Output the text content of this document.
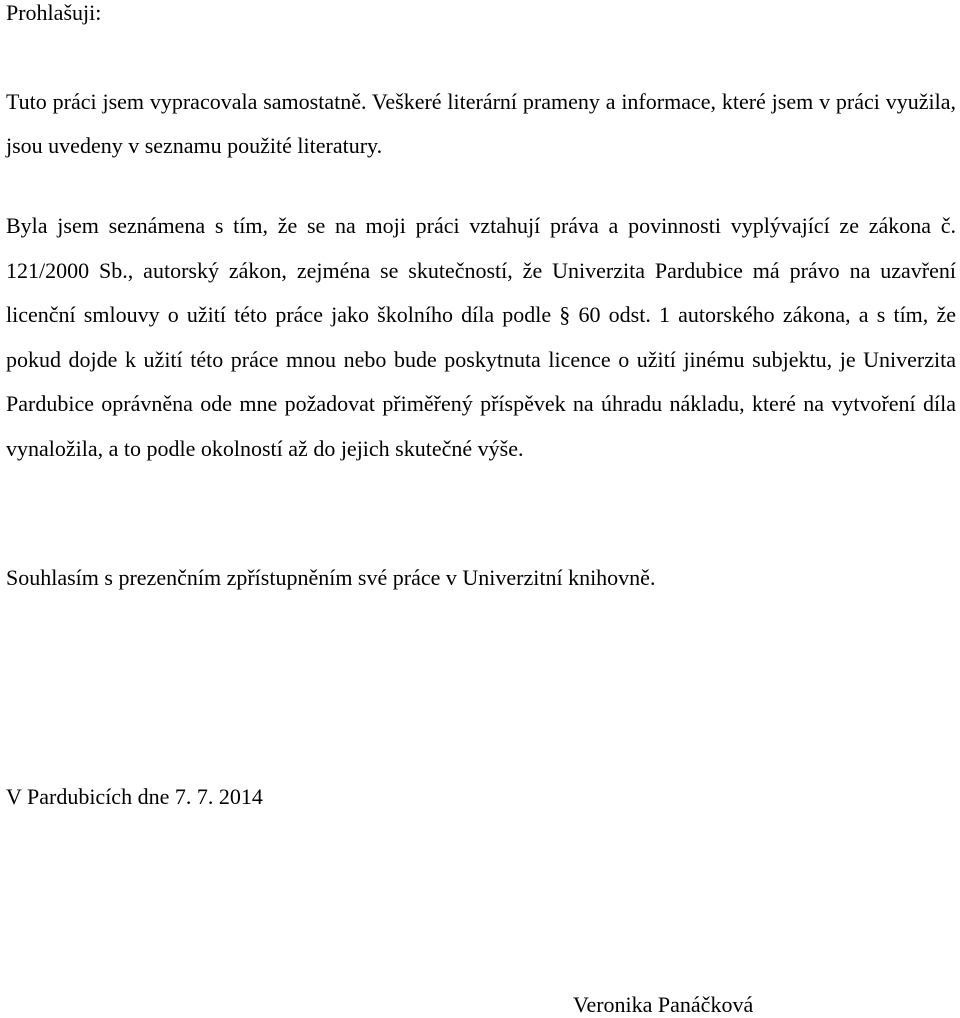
Prohlašuji:

Tuto práci jsem vypracovala samostatně. Veškeré literární prameny a informace, které jsem v práci využila, jsou uvedeny v seznamu použité literatury.

Byla jsem seznámena s tím, že se na moji práci vztahují práva a povinnosti vyplývající ze zákona č. 121/2000 Sb., autorský zákon, zejména se skutečností, že Univerzita Pardubice má právo na uzavření licenční smlouvy o užití této práce jako školního díla podle § 60 odst. 1 autorského zákona, a s tím, že pokud dojde k užití této práce mnou nebo bude poskytnuta licence o užití jinému subjektu, je Univerzita Pardubice oprávněna ode mne požadovat přiměřený příspěvek na úhradu nákladu, které na vytvoření díla vynaložila, a to podle okolností až do jejich skutečné výše.

Souhlasím s prezenčním zpřístupněním své práce v Univerzitní knihovně.

V Pardubicích dne 7. 7. 2014

Veronika Panáčková
